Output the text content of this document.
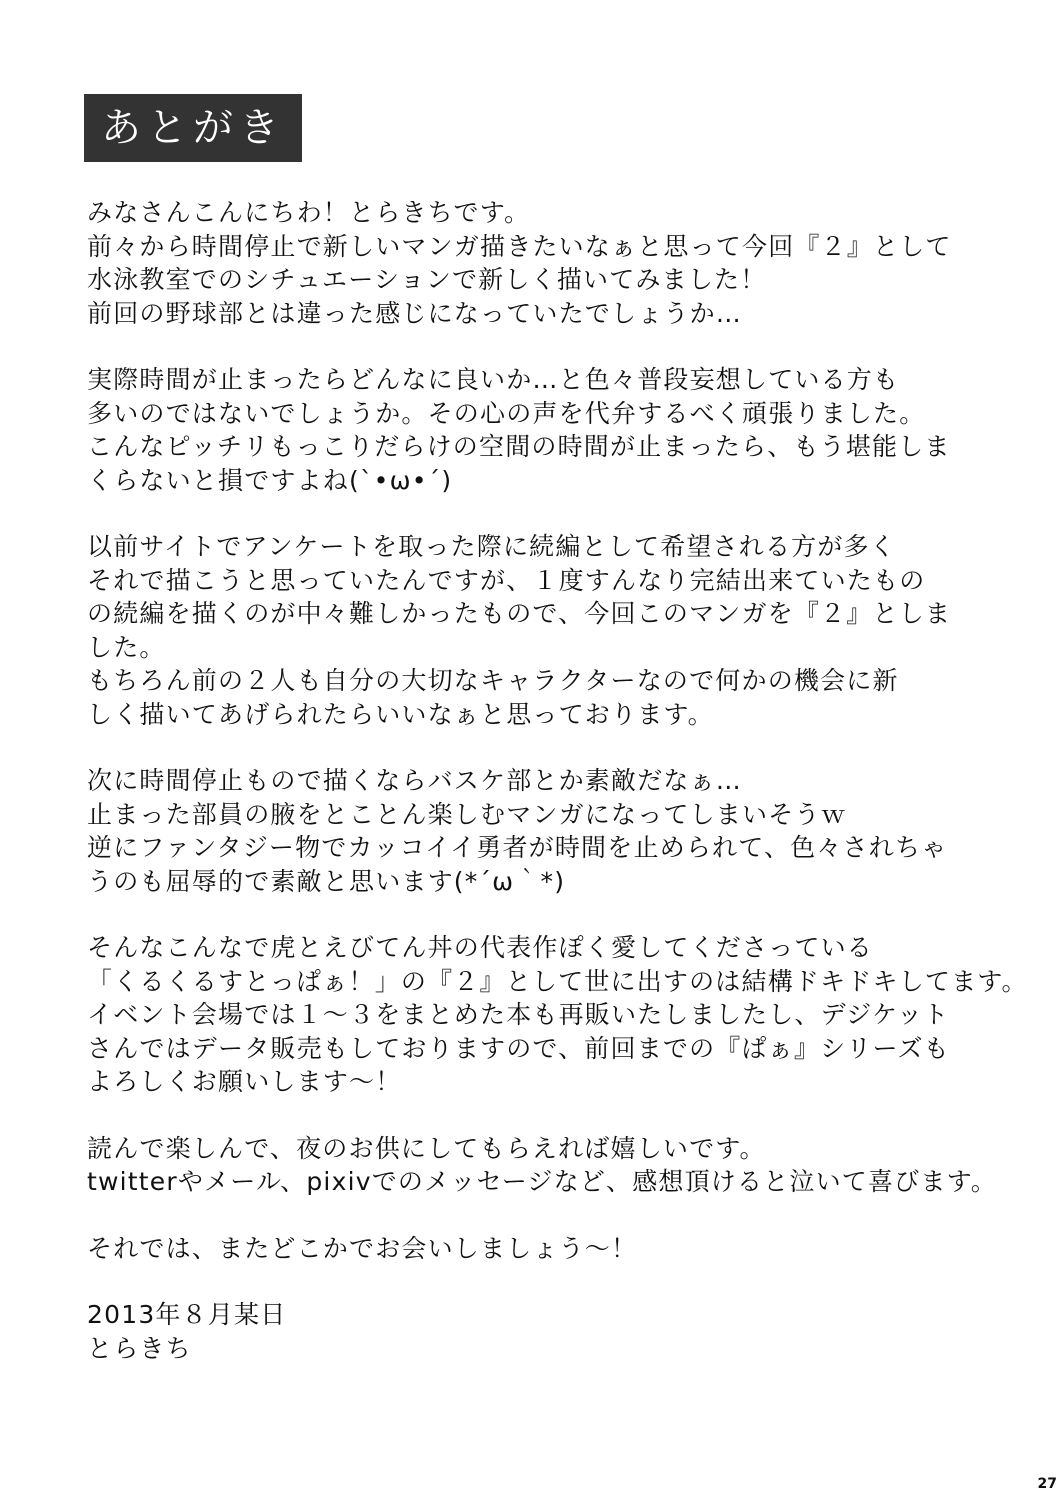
あとがき
みなさんこんにちわ！とらきちです。
前々から時間停止で新しいマンガ描きたいなぁと思って今回『２』として
水泳教室でのシチュエーションで新しく描いてみました！
前回の野球部とは違った感じになっていたでしょうか…
実際時間が止まったらどんなに良いか…と色々普段妄想している方も
多いのではないでしょうか。その心の声を代弁するべく頑張りました。
こんなピッチリもっこりだらけの空間の時間が止まったら、もう堪能しま
くらないと損ですよね(`•ω•´)
以前サイトでアンケートを取った際に続編として希望される方が多く
それで描こうと思っていたんですが、１度すんなり完結出来ていたもの
の続編を描くのが中々難しかったもので、今回このマンガを『２』としま
した。
もちろん前の２人も自分の大切なキャラクターなので何かの機会に新
しく描いてあげられたらいいなぁと思っております。
次に時間停止もので描くならバスケ部とか素敵だなぁ…
止まった部員の腋をとことん楽しむマンガになってしまいそうｗ
逆にファンタジー物でカッコイイ勇者が時間を止められて、色々されちゃ
うのも屈辱的で素敵と思います(*´ω｀*)
そんなこんなで虎とえびてん丼の代表作ぽく愛してくださっている
「くるくるすとっぱぁ！」の『２』として世に出すのは結構ドキドキしてます。
イベント会場では１～３をまとめた本も再販いたしましたし、デジケット
さんではデータ販売もしておりますので、前回までの『ぱぁ』シリーズも
よろしくお願いします～！
読んで楽しんで、夜のお供にしてもらえれば嬉しいです。
twitterやメール、pixivでのメッセージなど、感想頂けると泣いて喜びます。
それでは、またどこかでお会いしましょう～！
2013年８月某日
とらきち
27
